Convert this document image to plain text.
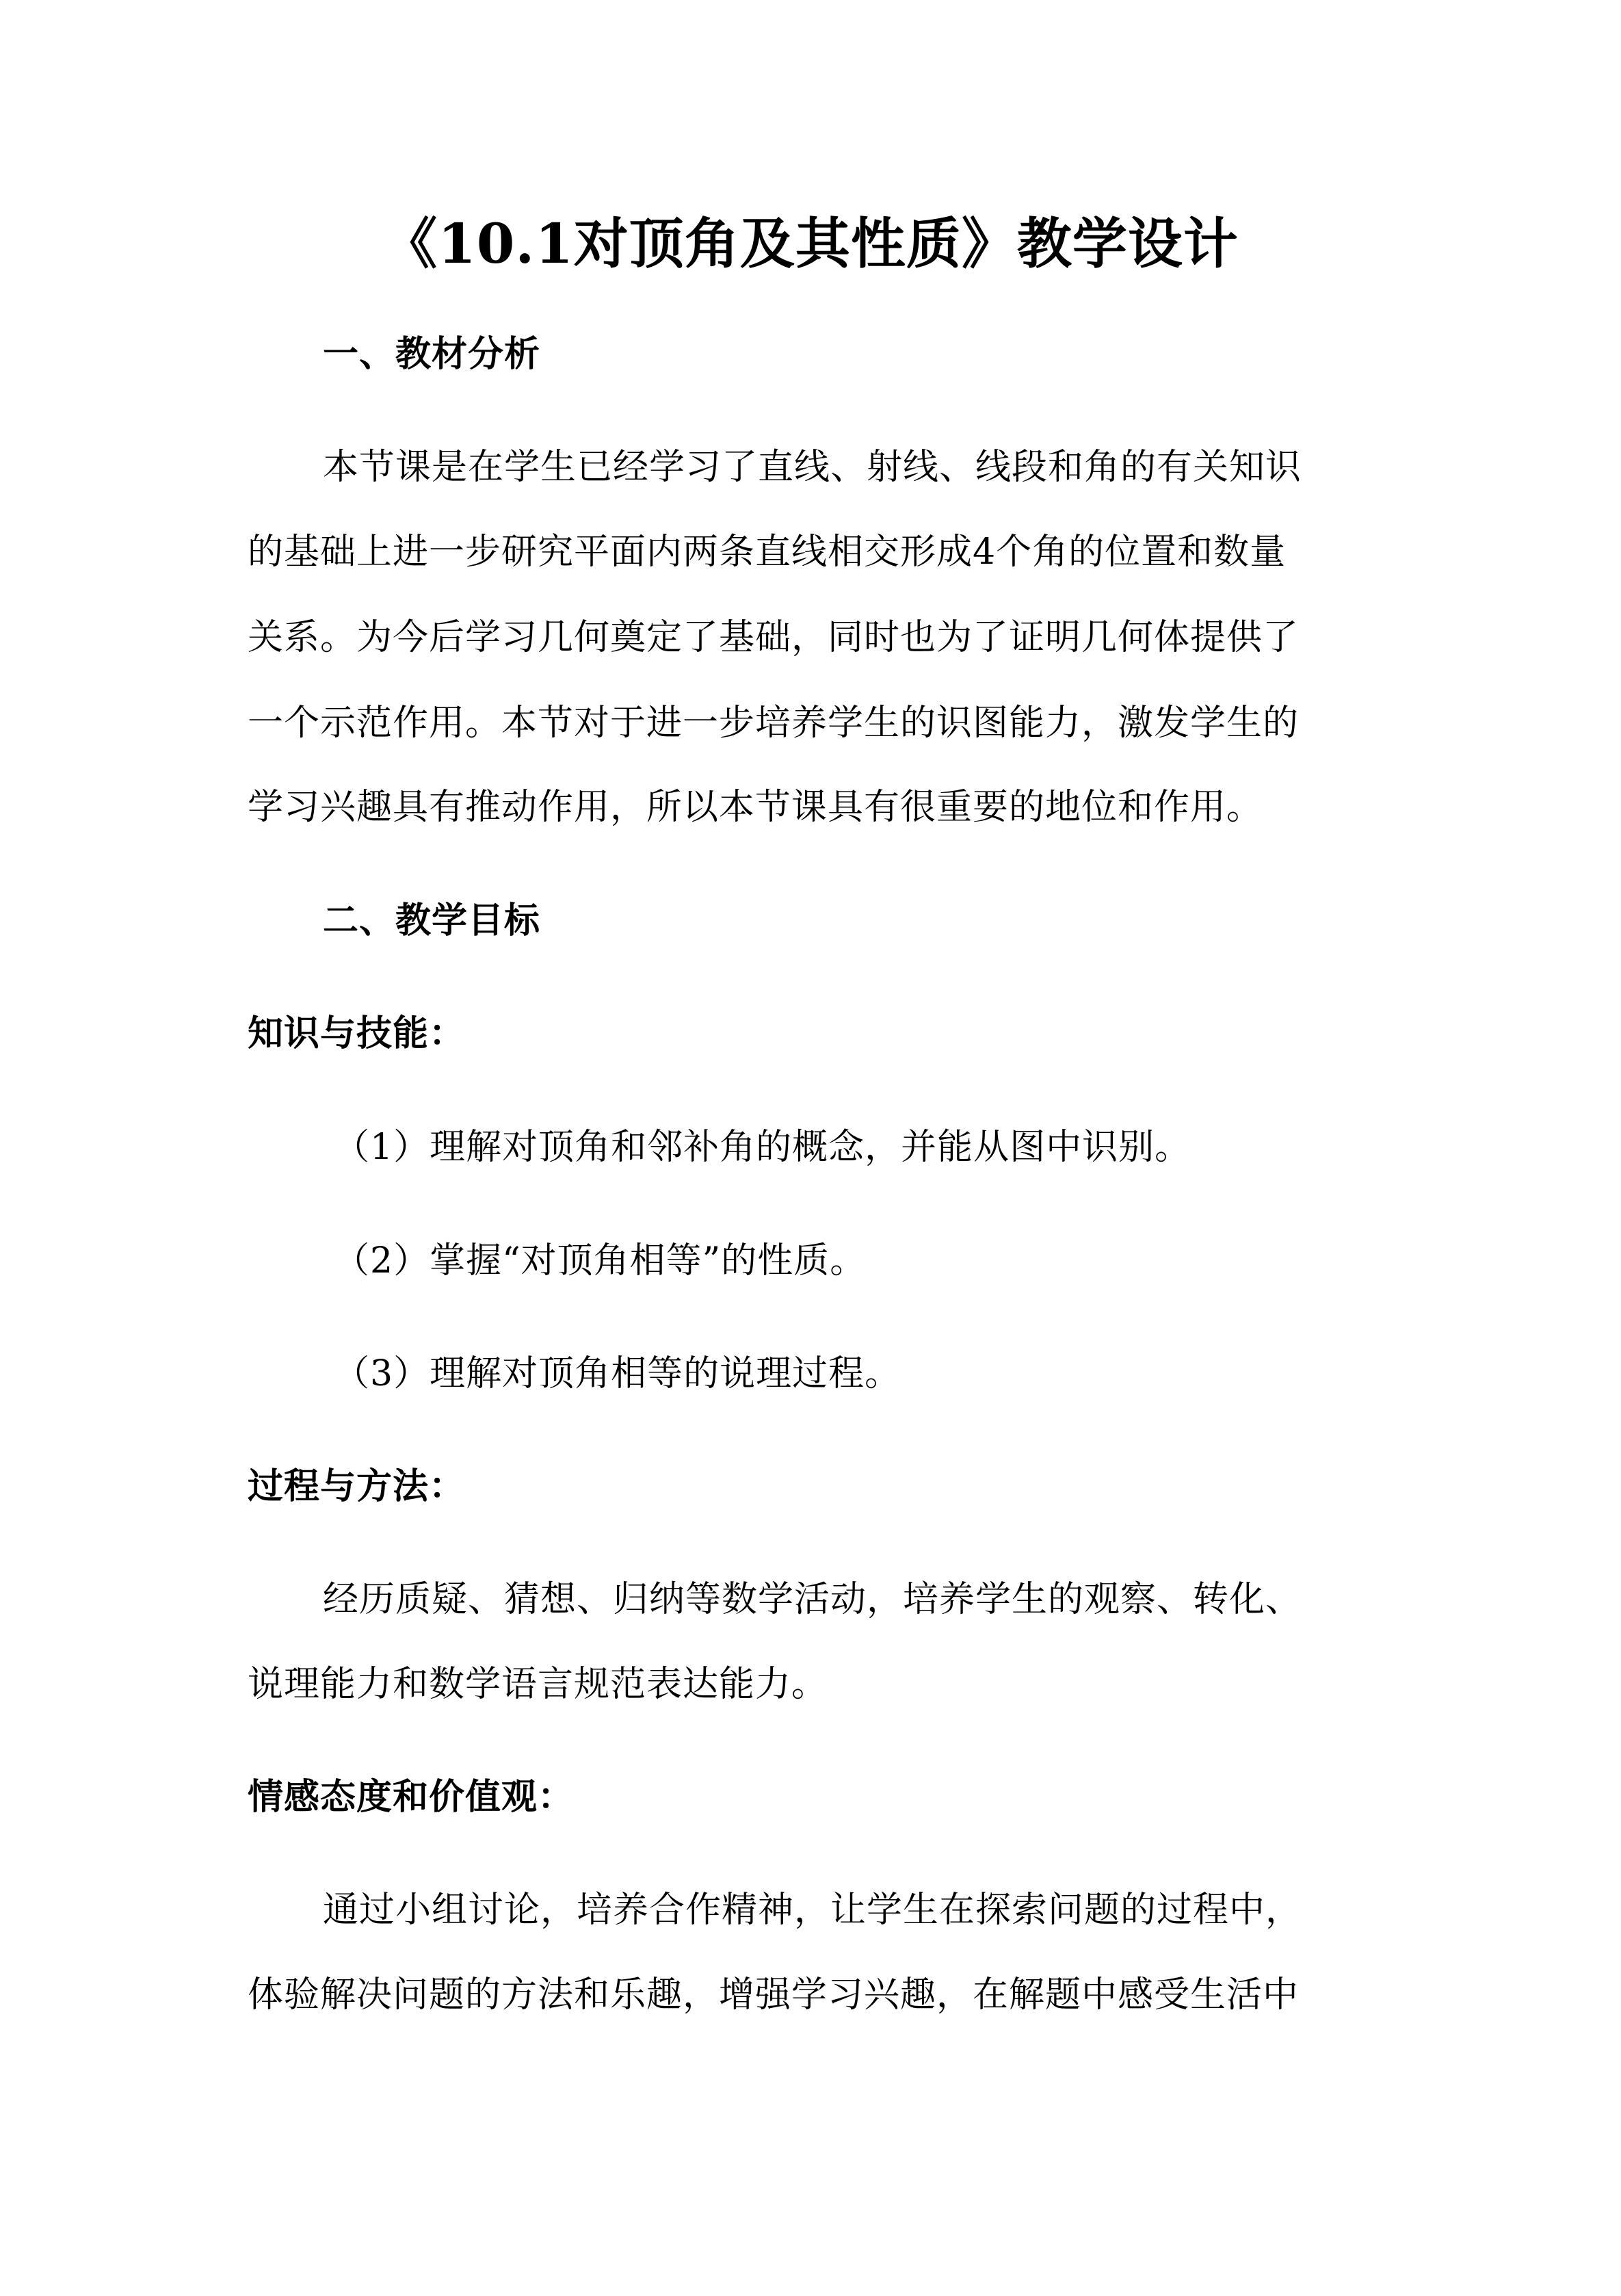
《10.1对顶角及其性质》教学设计
一、教材分析
本节课是在学生已经学习了直线、射线、线段和角的有关知识
的基础上进一步研究平面内两条直线相交形成4个角的位置和数量
关系。为今后学习几何奠定了基础，同时也为了证明几何体提供了
一个示范作用。本节对于进一步培养学生的识图能力，激发学生的
学习兴趣具有推动作用，所以本节课具有很重要的地位和作用。
二、教学目标
知识与技能：
（1）理解对顶角和邻补角的概念，并能从图中识别。
（2）掌握“对顶角相等”的性质。
（3）理解对顶角相等的说理过程。
过程与方法：
经历质疑、猜想、归纳等数学活动，培养学生的观察、转化、
说理能力和数学语言规范表达能力。
情感态度和价值观：
通过小组讨论，培养合作精神，让学生在探索问题的过程中，
体验解决问题的方法和乐趣，增强学习兴趣，在解题中感受生活中
